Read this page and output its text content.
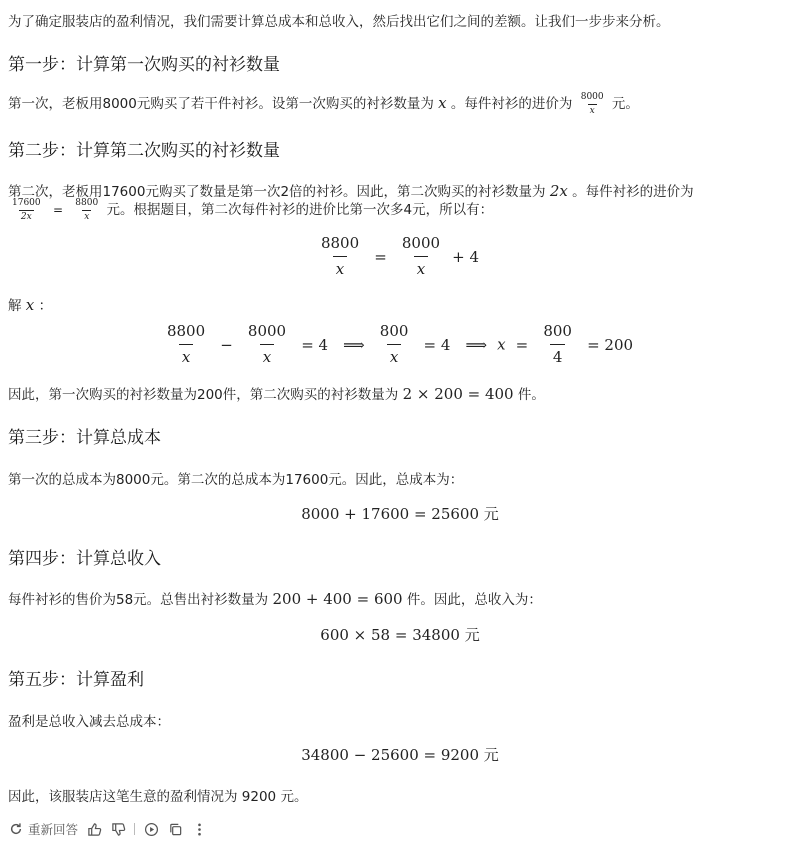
为了确定服装店的盈利情况，我们需要计算总成本和总收入，然后找出它们之间的差额。让我们一步步来分析。
第一步：计算第一次购买的衬衫数量
第一次，老板用8000元购买了若干件衬衫。设第一次购买的衬衫数量为 x 。每件衬衫的进价为 $\frac{8000}{x}$ 元。
第二步：计算第二次购买的衬衫数量
第二次，老板用17600元购买了数量是第一次2倍的衬衫。因此，第二次购买的衬衫数量为 2x 。每件衬衫的进价为
$\frac{17600}{2x} = \frac{8800}{x}$ 元。根据题目，第二次每件衬衫的进价比第一次多4元，所以有：
$\frac{8800}{x} = \frac{8000}{x} + 4$
解 x ：
$\frac{8800}{x} - \frac{8000}{x} = 4$ ⟹ $\frac{800}{x} = 4$ ⟹ $x = \frac{800}{4} = 200$
因此，第一次购买的衬衫数量为200件，第二次购买的衬衫数量为 2 × 200 = 400 件。
第三步：计算总成本
第一次的总成本为8000元。第二次的总成本为17600元。因此，总成本为：
8000 + 17600 = 25600 元
第四步：计算总收入
每件衬衫的售价为58元。总售出衬衫数量为 200 + 400 = 600 件。因此，总收入为：
600 × 58 = 34800 元
第五步：计算盈利
盈利是总收入减去总成本：
34800 − 25600 = 9200 元
因此，该服装店这笔生意的盈利情况为 9200 元。
重新回答
